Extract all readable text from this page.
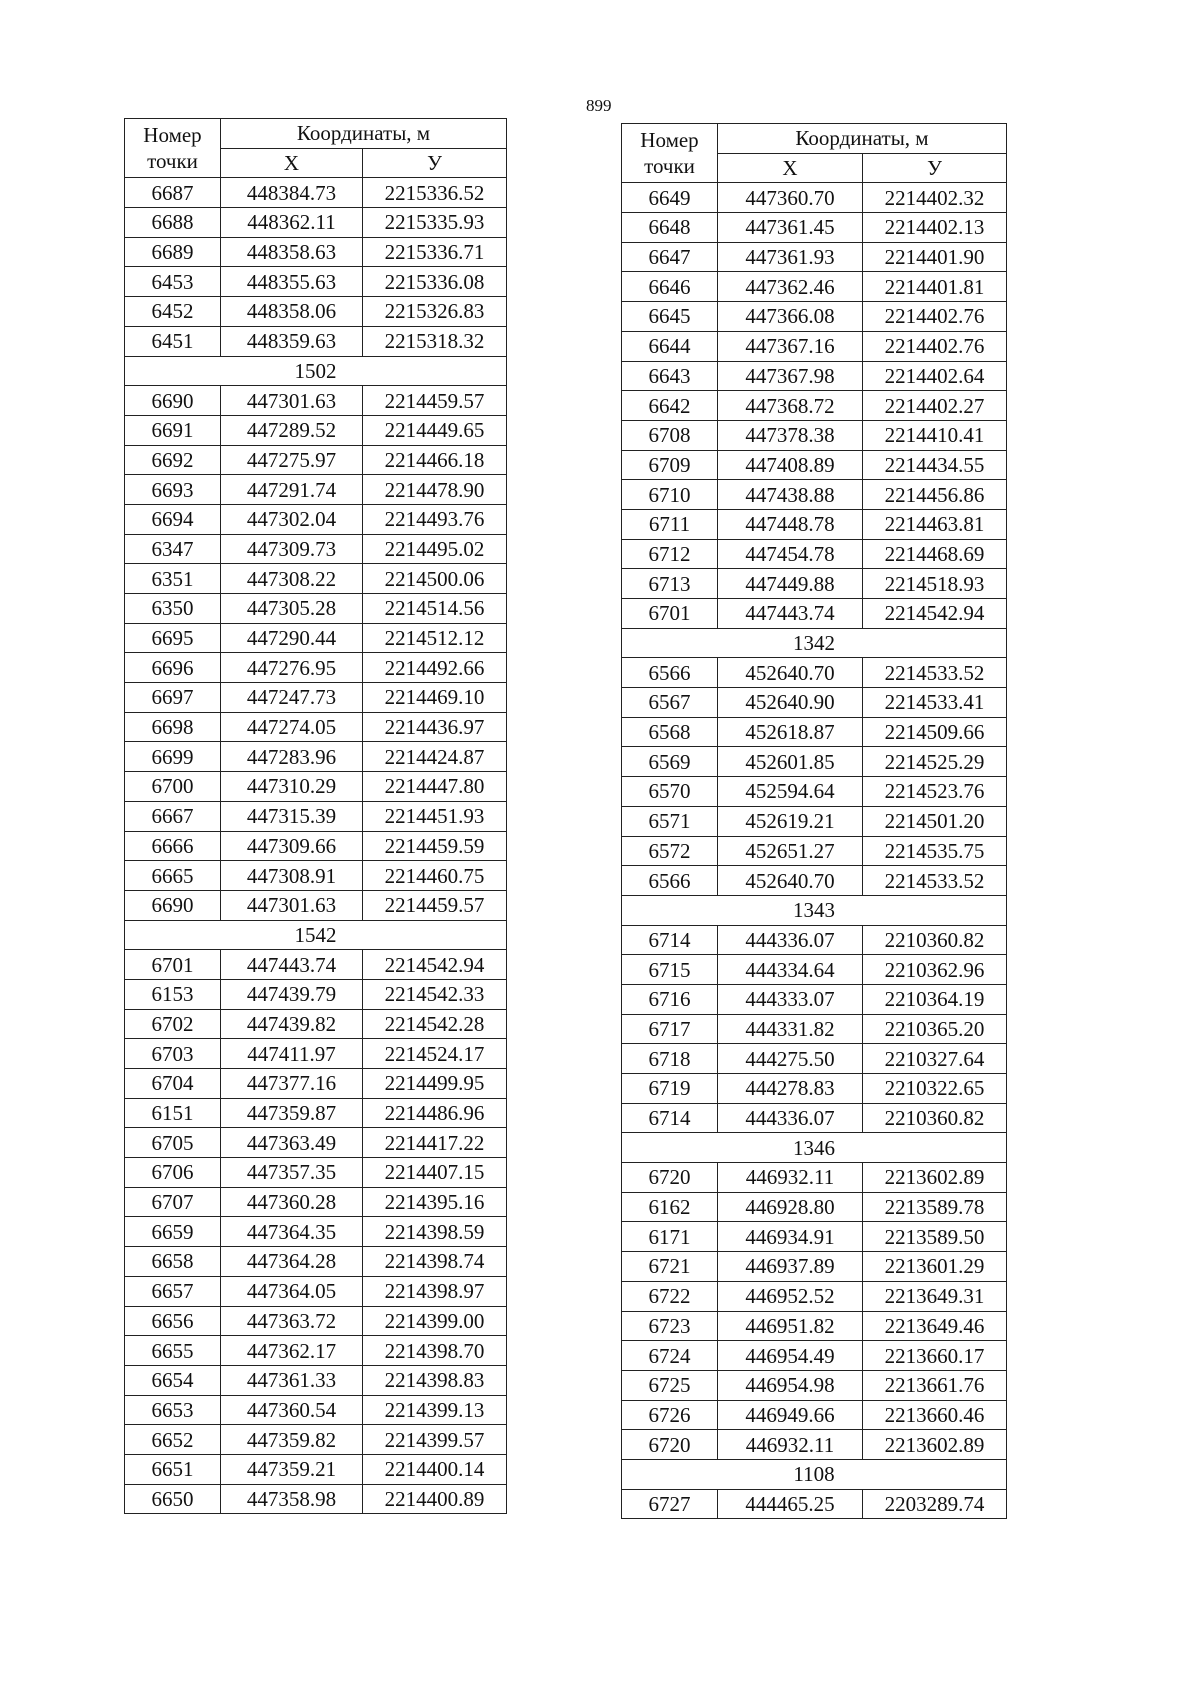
899
Номер
точки	Координаты, м	
	X	У
6687	448384.73	2215336.52
6688	448362.11	2215335.93
6689	448358.63	2215336.71
6453	448355.63	2215336.08
6452	448358.06	2215326.83
6451	448359.63	2215318.32
1502		
6690	447301.63	2214459.57
6691	447289.52	2214449.65
6692	447275.97	2214466.18
6693	447291.74	2214478.90
6694	447302.04	2214493.76
6347	447309.73	2214495.02
6351	447308.22	2214500.06
6350	447305.28	2214514.56
6695	447290.44	2214512.12
6696	447276.95	2214492.66
6697	447247.73	2214469.10
6698	447274.05	2214436.97
6699	447283.96	2214424.87
6700	447310.29	2214447.80
6667	447315.39	2214451.93
6666	447309.66	2214459.59
6665	447308.91	2214460.75
6690	447301.63	2214459.57
1542		
6701	447443.74	2214542.94
6153	447439.79	2214542.33
6702	447439.82	2214542.28
6703	447411.97	2214524.17
6704	447377.16	2214499.95
6151	447359.87	2214486.96
6705	447363.49	2214417.22
6706	447357.35	2214407.15
6707	447360.28	2214395.16
6659	447364.35	2214398.59
6658	447364.28	2214398.74
6657	447364.05	2214398.97
6656	447363.72	2214399.00
6655	447362.17	2214398.70
6654	447361.33	2214398.83
6653	447360.54	2214399.13
6652	447359.82	2214399.57
6651	447359.21	2214400.14
6650	447358.98	2214400.89
Номер
точки	Координаты, м	
	X	У
6649	447360.70	2214402.32
6648	447361.45	2214402.13
6647	447361.93	2214401.90
6646	447362.46	2214401.81
6645	447366.08	2214402.76
6644	447367.16	2214402.76
6643	447367.98	2214402.64
6642	447368.72	2214402.27
6708	447378.38	2214410.41
6709	447408.89	2214434.55
6710	447438.88	2214456.86
6711	447448.78	2214463.81
6712	447454.78	2214468.69
6713	447449.88	2214518.93
6701	447443.74	2214542.94
1342		
6566	452640.70	2214533.52
6567	452640.90	2214533.41
6568	452618.87	2214509.66
6569	452601.85	2214525.29
6570	452594.64	2214523.76
6571	452619.21	2214501.20
6572	452651.27	2214535.75
6566	452640.70	2214533.52
1343		
6714	444336.07	2210360.82
6715	444334.64	2210362.96
6716	444333.07	2210364.19
6717	444331.82	2210365.20
6718	444275.50	2210327.64
6719	444278.83	2210322.65
6714	444336.07	2210360.82
1346		
6720	446932.11	2213602.89
6162	446928.80	2213589.78
6171	446934.91	2213589.50
6721	446937.89	2213601.29
6722	446952.52	2213649.31
6723	446951.82	2213649.46
6724	446954.49	2213660.17
6725	446954.98	2213661.76
6726	446949.66	2213660.46
6720	446932.11	2213602.89
1108		
6727	444465.25	2203289.74
